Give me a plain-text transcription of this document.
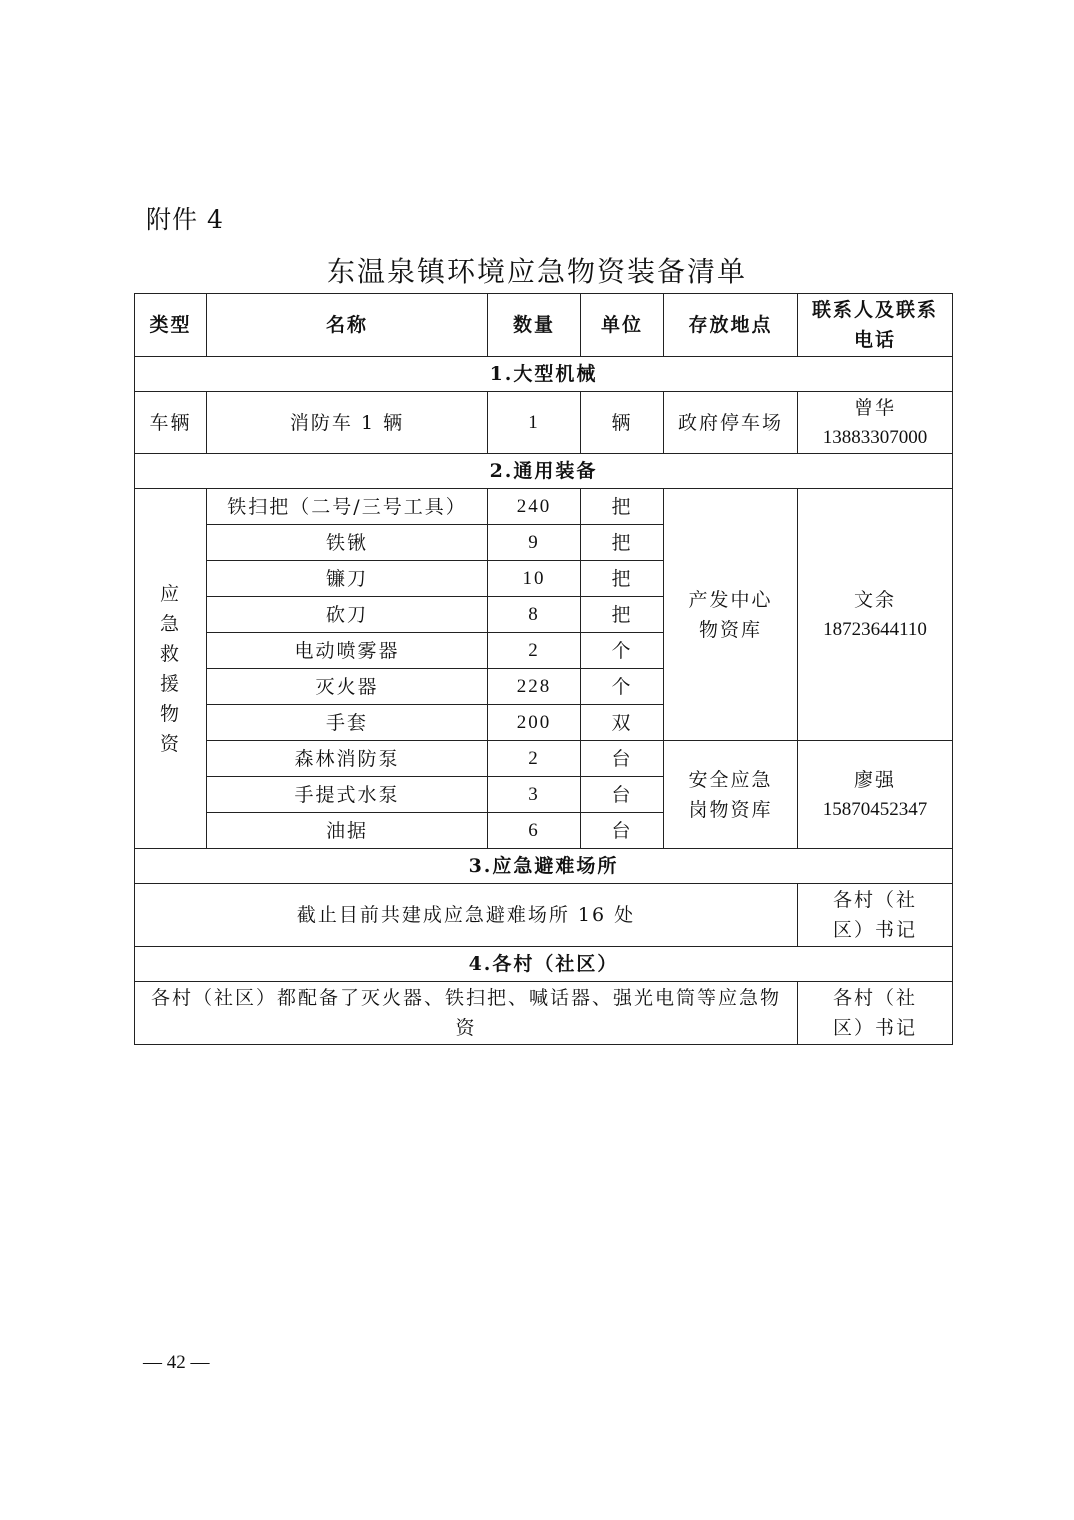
附件 4
东温泉镇环境应急物资装备清单
类型	名称	数量	单位	存放地点	联系人及联系电话
1.大型机械					
车辆	消防车 1 辆	1	辆	政府停车场	曾华
13883307000

2.通用装备					

应急救援物资	铁扫把（二号/三号工具）	240	把	产发中心物资库	文余
18723644110

	铁锹	9	把		
	镰刀	10	把		
	砍刀	8	把		
	电动喷雾器	2	个		
	灭火器	228	个		
	手套	200	双		
	森林消防泵	2	台	安全应急岗物资库	廖强
15870452347

	手提式水泵	3	台		
	油据	6	台		
3.应急避难场所					
截止目前共建成应急避难场所 16 处					各村（社区）书记

4.各村（社区）					

各村（社区）都配备了灭火器、铁扫把、喊话器、强光电筒等应急物资					各村（社区）书记
— 42 —
